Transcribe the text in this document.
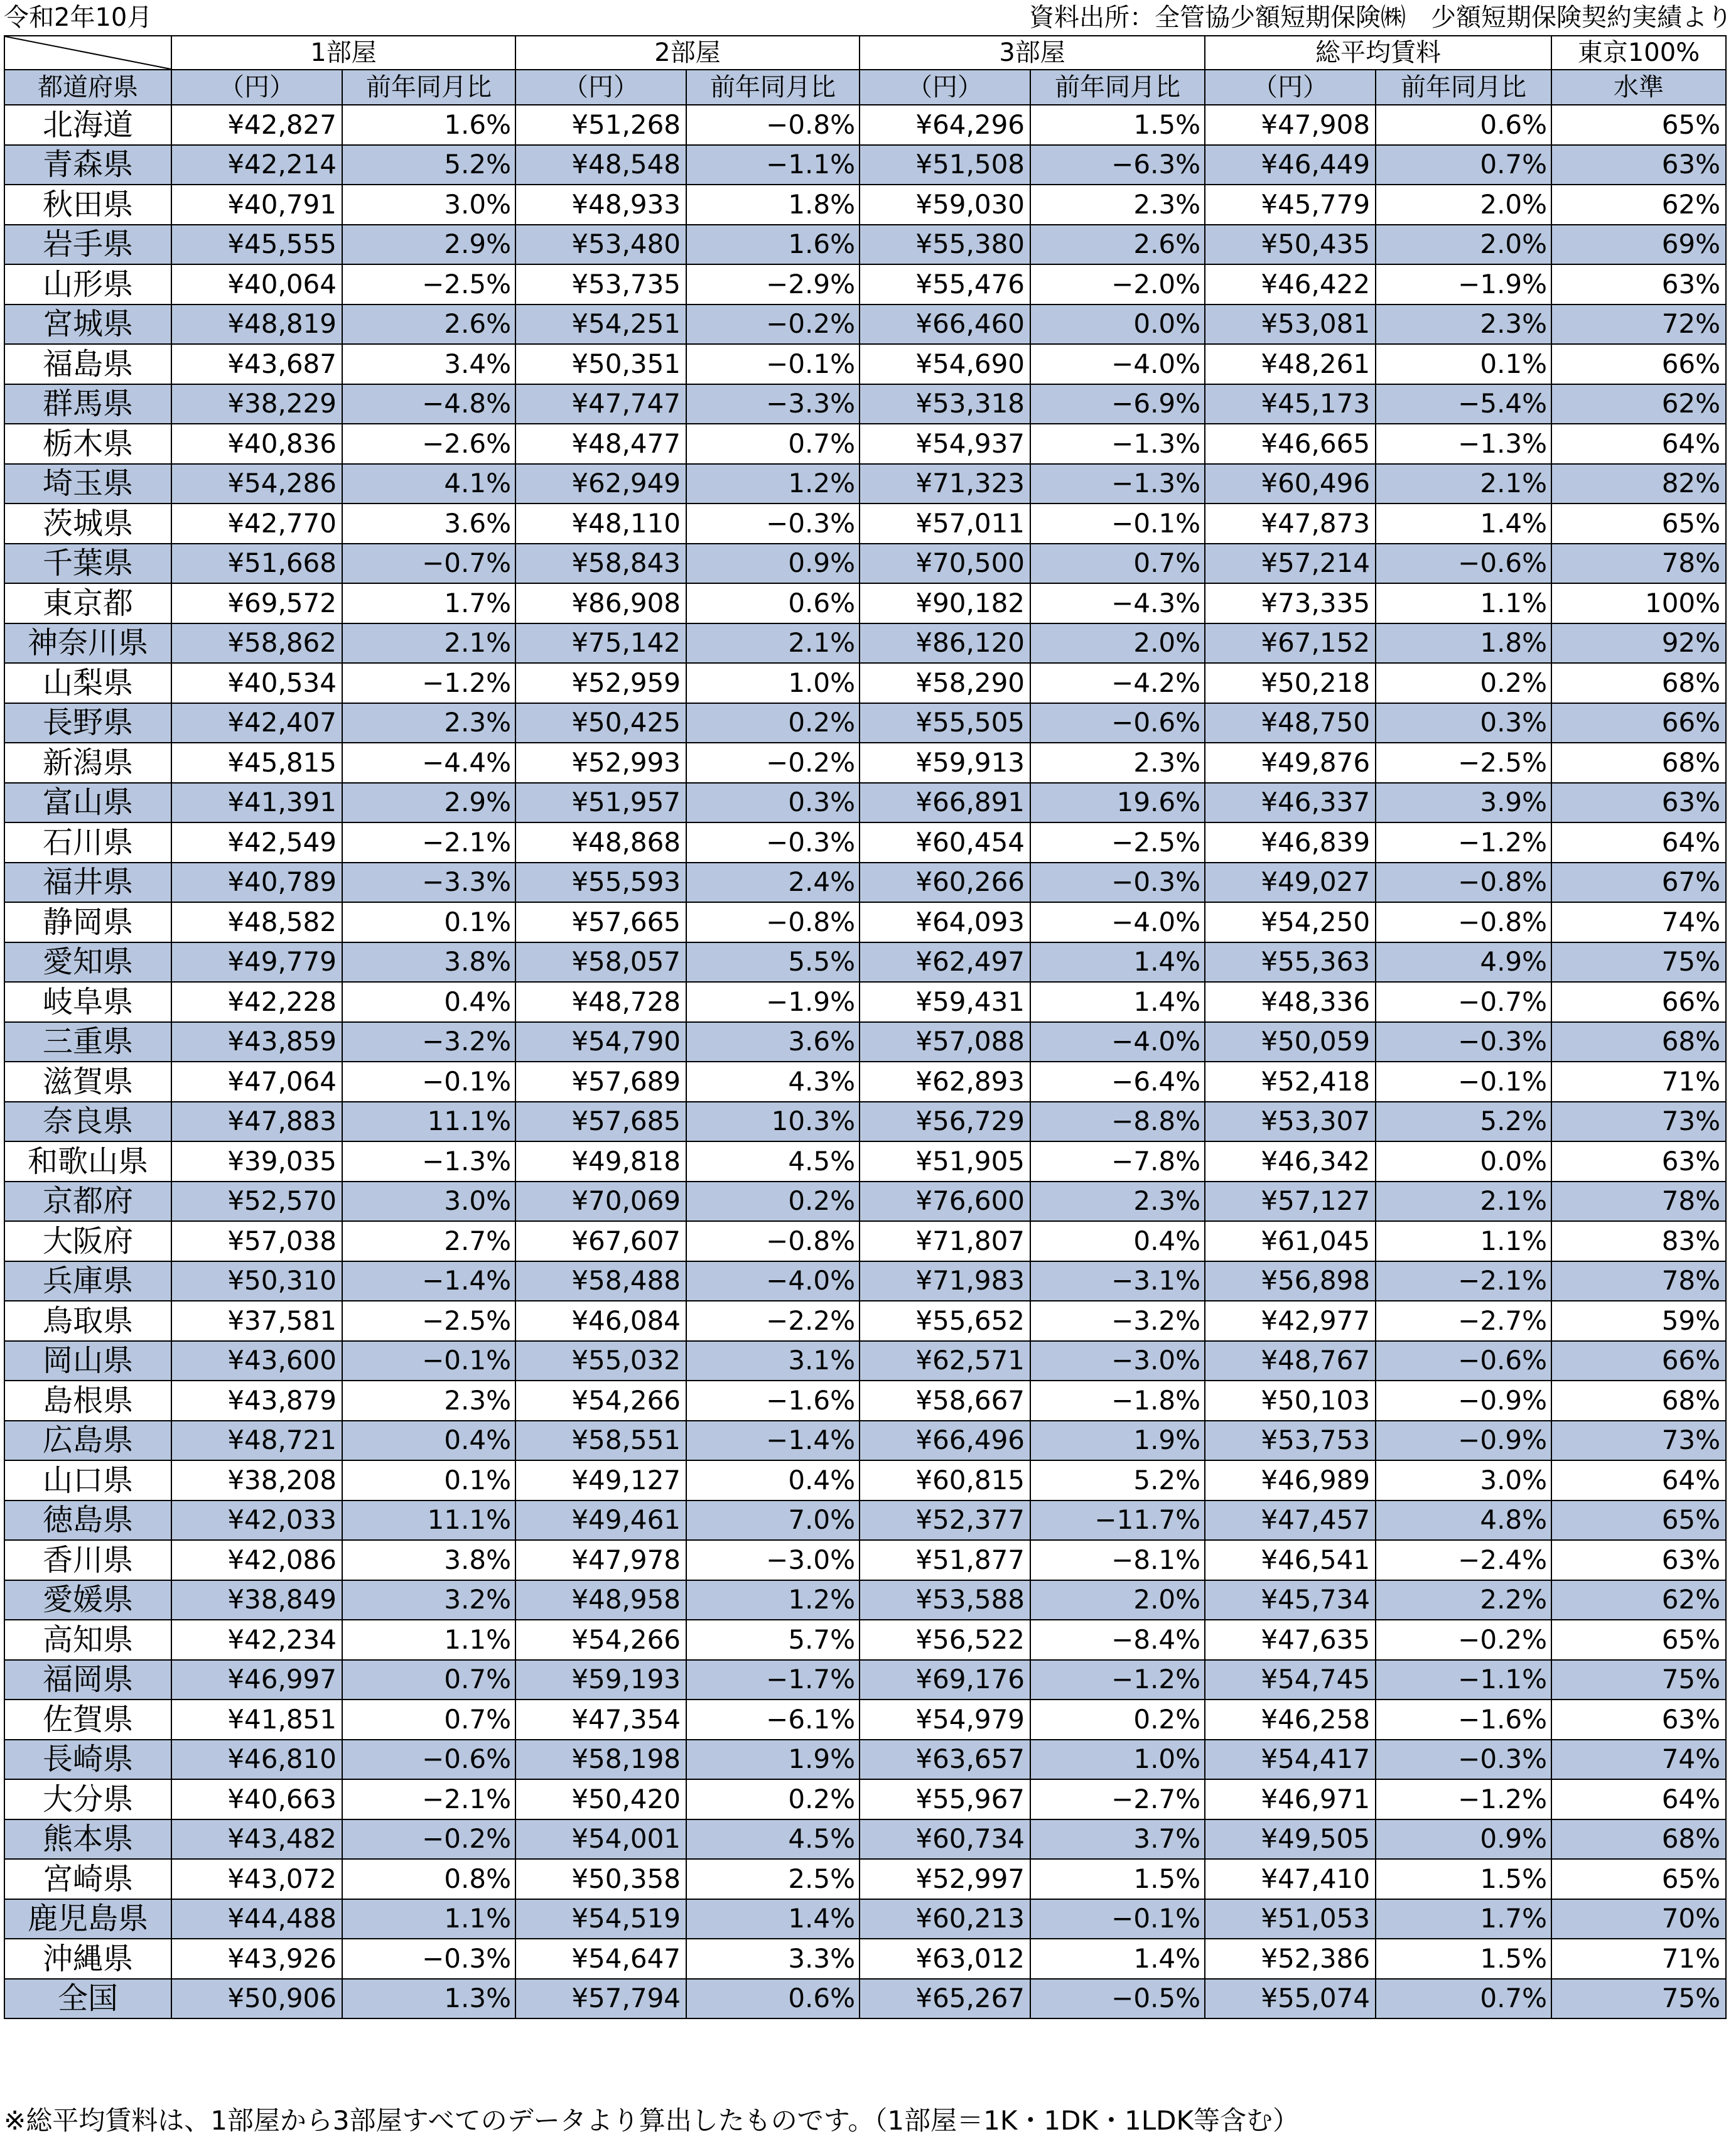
令和2年10月	資料出所：全管協少額短期保険㈱　少額短期保険契約実績より
	1部屋		2部屋		3部屋		総平均賃料		東京100%
都道府県	（円）	前年同月比	（円）	前年同月比	（円）	前年同月比	（円）	前年同月比	水準
北海道	¥42,827	1.6%	¥51,268	−0.8%	¥64,296	1.5%	¥47,908	0.6%	65%
青森県	¥42,214	5.2%	¥48,548	−1.1%	¥51,508	−6.3%	¥46,449	0.7%	63%
秋田県	¥40,791	3.0%	¥48,933	1.8%	¥59,030	2.3%	¥45,779	2.0%	62%
岩手県	¥45,555	2.9%	¥53,480	1.6%	¥55,380	2.6%	¥50,435	2.0%	69%
山形県	¥40,064	−2.5%	¥53,735	−2.9%	¥55,476	−2.0%	¥46,422	−1.9%	63%
宮城県	¥48,819	2.6%	¥54,251	−0.2%	¥66,460	0.0%	¥53,081	2.3%	72%
福島県	¥43,687	3.4%	¥50,351	−0.1%	¥54,690	−4.0%	¥48,261	0.1%	66%
群馬県	¥38,229	−4.8%	¥47,747	−3.3%	¥53,318	−6.9%	¥45,173	−5.4%	62%
栃木県	¥40,836	−2.6%	¥48,477	0.7%	¥54,937	−1.3%	¥46,665	−1.3%	64%
埼玉県	¥54,286	4.1%	¥62,949	1.2%	¥71,323	−1.3%	¥60,496	2.1%	82%
茨城県	¥42,770	3.6%	¥48,110	−0.3%	¥57,011	−0.1%	¥47,873	1.4%	65%
千葉県	¥51,668	−0.7%	¥58,843	0.9%	¥70,500	0.7%	¥57,214	−0.6%	78%
東京都	¥69,572	1.7%	¥86,908	0.6%	¥90,182	−4.3%	¥73,335	1.1%	100%
神奈川県	¥58,862	2.1%	¥75,142	2.1%	¥86,120	2.0%	¥67,152	1.8%	92%
山梨県	¥40,534	−1.2%	¥52,959	1.0%	¥58,290	−4.2%	¥50,218	0.2%	68%
長野県	¥42,407	2.3%	¥50,425	0.2%	¥55,505	−0.6%	¥48,750	0.3%	66%
新潟県	¥45,815	−4.4%	¥52,993	−0.2%	¥59,913	2.3%	¥49,876	−2.5%	68%
富山県	¥41,391	2.9%	¥51,957	0.3%	¥66,891	19.6%	¥46,337	3.9%	63%
石川県	¥42,549	−2.1%	¥48,868	−0.3%	¥60,454	−2.5%	¥46,839	−1.2%	64%
福井県	¥40,789	−3.3%	¥55,593	2.4%	¥60,266	−0.3%	¥49,027	−0.8%	67%
静岡県	¥48,582	0.1%	¥57,665	−0.8%	¥64,093	−4.0%	¥54,250	−0.8%	74%
愛知県	¥49,779	3.8%	¥58,057	5.5%	¥62,497	1.4%	¥55,363	4.9%	75%
岐阜県	¥42,228	0.4%	¥48,728	−1.9%	¥59,431	1.4%	¥48,336	−0.7%	66%
三重県	¥43,859	−3.2%	¥54,790	3.6%	¥57,088	−4.0%	¥50,059	−0.3%	68%
滋賀県	¥47,064	−0.1%	¥57,689	4.3%	¥62,893	−6.4%	¥52,418	−0.1%	71%
奈良県	¥47,883	11.1%	¥57,685	10.3%	¥56,729	−8.8%	¥53,307	5.2%	73%
和歌山県	¥39,035	−1.3%	¥49,818	4.5%	¥51,905	−7.8%	¥46,342	0.0%	63%
京都府	¥52,570	3.0%	¥70,069	0.2%	¥76,600	2.3%	¥57,127	2.1%	78%
大阪府	¥57,038	2.7%	¥67,607	−0.8%	¥71,807	0.4%	¥61,045	1.1%	83%
兵庫県	¥50,310	−1.4%	¥58,488	−4.0%	¥71,983	−3.1%	¥56,898	−2.1%	78%
鳥取県	¥37,581	−2.5%	¥46,084	−2.2%	¥55,652	−3.2%	¥42,977	−2.7%	59%
岡山県	¥43,600	−0.1%	¥55,032	3.1%	¥62,571	−3.0%	¥48,767	−0.6%	66%
島根県	¥43,879	2.3%	¥54,266	−1.6%	¥58,667	−1.8%	¥50,103	−0.9%	68%
広島県	¥48,721	0.4%	¥58,551	−1.4%	¥66,496	1.9%	¥53,753	−0.9%	73%
山口県	¥38,208	0.1%	¥49,127	0.4%	¥60,815	5.2%	¥46,989	3.0%	64%
徳島県	¥42,033	11.1%	¥49,461	7.0%	¥52,377	−11.7%	¥47,457	4.8%	65%
香川県	¥42,086	3.8%	¥47,978	−3.0%	¥51,877	−8.1%	¥46,541	−2.4%	63%
愛媛県	¥38,849	3.2%	¥48,958	1.2%	¥53,588	2.0%	¥45,734	2.2%	62%
高知県	¥42,234	1.1%	¥54,266	5.7%	¥56,522	−8.4%	¥47,635	−0.2%	65%
福岡県	¥46,997	0.7%	¥59,193	−1.7%	¥69,176	−1.2%	¥54,745	−1.1%	75%
佐賀県	¥41,851	0.7%	¥47,354	−6.1%	¥54,979	0.2%	¥46,258	−1.6%	63%
長崎県	¥46,810	−0.6%	¥58,198	1.9%	¥63,657	1.0%	¥54,417	−0.3%	74%
大分県	¥40,663	−2.1%	¥50,420	0.2%	¥55,967	−2.7%	¥46,971	−1.2%	64%
熊本県	¥43,482	−0.2%	¥54,001	4.5%	¥60,734	3.7%	¥49,505	0.9%	68%
宮崎県	¥43,072	0.8%	¥50,358	2.5%	¥52,997	1.5%	¥47,410	1.5%	65%
鹿児島県	¥44,488	1.1%	¥54,519	1.4%	¥60,213	−0.1%	¥51,053	1.7%	70%
沖縄県	¥43,926	−0.3%	¥54,647	3.3%	¥63,012	1.4%	¥52,386	1.5%	71%
全国	¥50,906	1.3%	¥57,794	0.6%	¥65,267	−0.5%	¥55,074	0.7%	75%
※総平均賃料は、1部屋から3部屋すべてのデータより算出したものです。（1部屋＝1K・1DK・1LDK等含む）
